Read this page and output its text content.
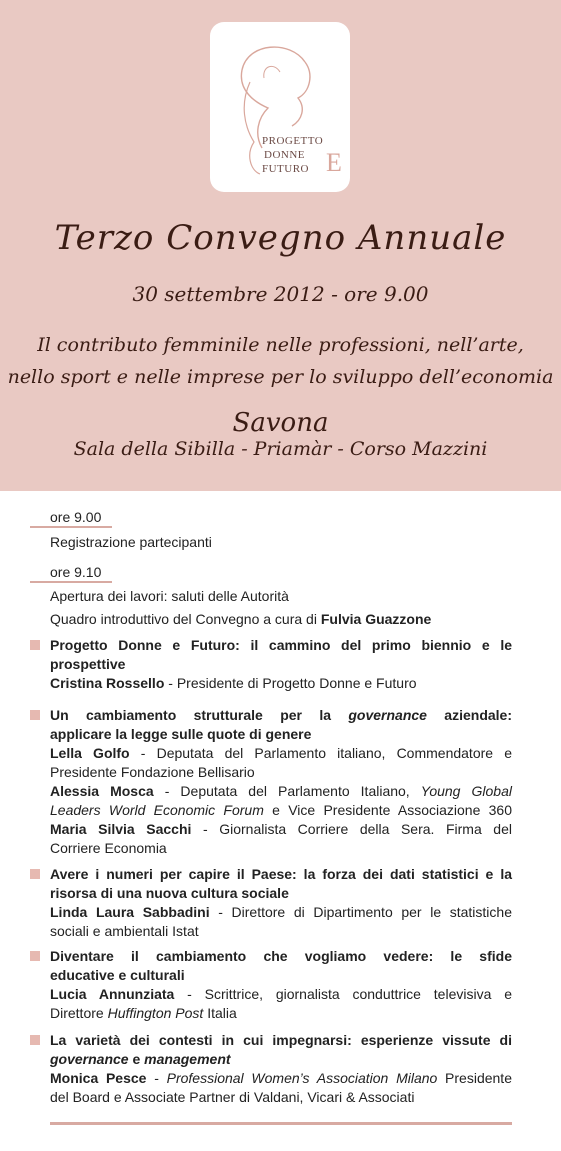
PROGETTO
DONNE
FUTURO E
Terzo Convegno Annuale
30 settembre 2012 - ore 9.00
Il contributo femminile nelle professioni, nell’arte,
nello sport e nelle imprese per lo sviluppo dell’economia
Savona
Sala della Sibilla - Priamàr - Corso Mazzini
ore 9.00
Registrazione partecipanti
ore 9.10
Apertura dei lavori: saluti delle Autorità
Quadro introduttivo del Convegno a cura di Fulvia Guazzone
Progetto Donne e Futuro: il cammino del primo biennio e le
prospettive
Cristina Rossello - Presidente di Progetto Donne e Futuro
Un cambiamento strutturale per la governance aziendale:
applicare la legge sulle quote di genere
Lella Golfo - Deputata del Parlamento italiano, Commendatore e
Presidente Fondazione Bellisario
Alessia Mosca - Deputata del Parlamento Italiano, Young Global
Leaders World Economic Forum e Vice Presidente Associazione 360
Maria Silvia Sacchi - Giornalista Corriere della Sera. Firma del
Corriere Economia
Avere i numeri per capire il Paese: la forza dei dati statistici e la
risorsa di una nuova cultura sociale
Linda Laura Sabbadini - Direttore di Dipartimento per le statistiche
sociali e ambientali Istat
Diventare il cambiamento che vogliamo vedere: le sfide
educative e culturali
Lucia Annunziata - Scrittrice, giornalista conduttrice televisiva e
Direttore Huffington Post Italia
La varietà dei contesti in cui impegnarsi: esperienze vissute di
governance e management
Monica Pesce - Professional Women’s Association Milano Presidente
del Board e Associate Partner di Valdani, Vicari & Associati
